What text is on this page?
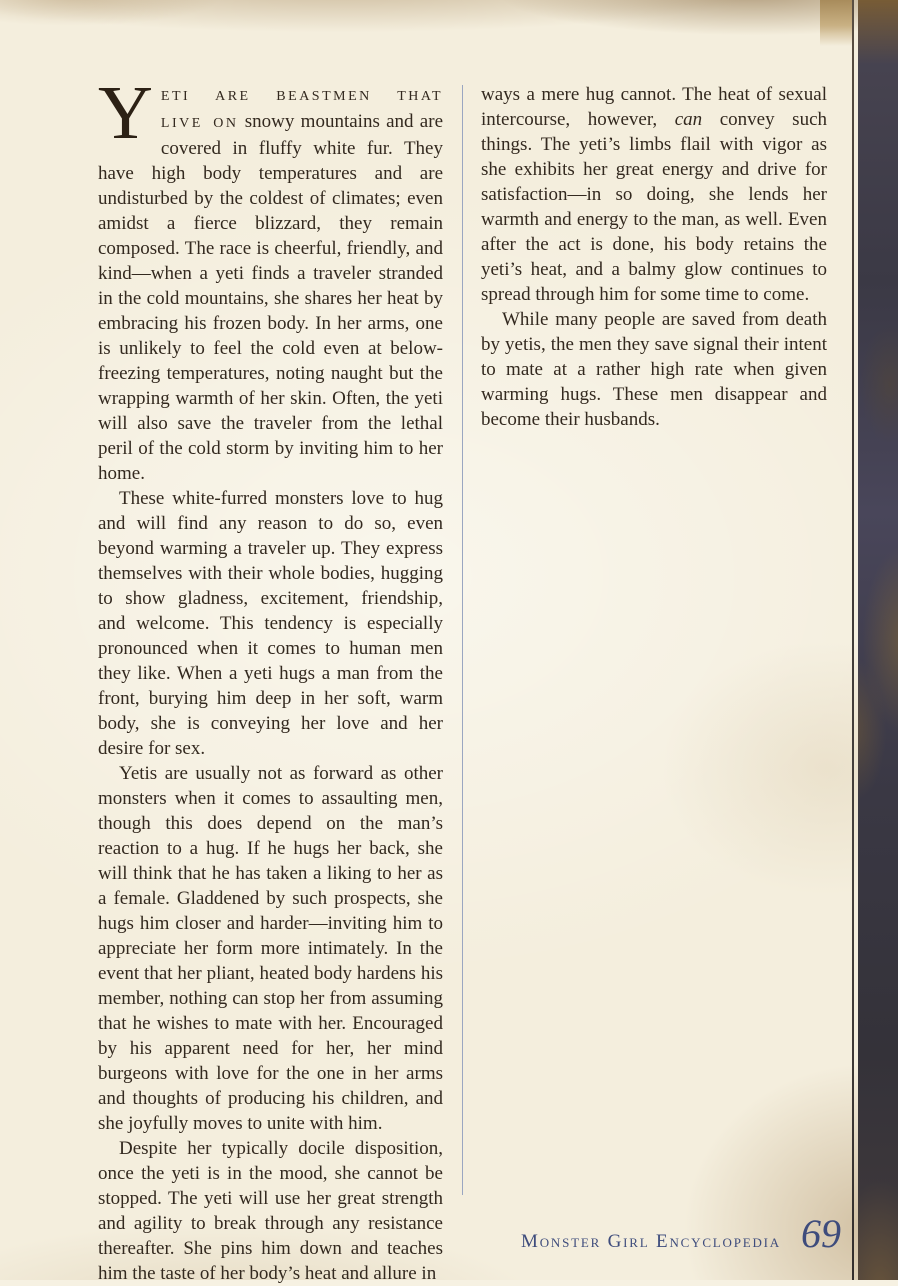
YETI ARE BEASTMEN THAT LIVE ON snowy mountains and are covered in fluffy white fur. They have high body temperatures and are undisturbed by the coldest of climates; even amidst a fierce blizzard, they remain composed. The race is cheerful, friendly, and kind—when a yeti finds a traveler stranded in the cold mountains, she shares her heat by embracing his frozen body. In her arms, one is unlikely to feel the cold even at below-freezing temperatures, noting naught but the wrapping warmth of her skin. Often, the yeti will also save the traveler from the lethal peril of the cold storm by inviting him to her home.

These white-furred monsters love to hug and will find any reason to do so, even beyond warming a traveler up. They express themselves with their whole bodies, hugging to show gladness, excitement, friendship, and welcome. This tendency is especially pronounced when it comes to human men they like. When a yeti hugs a man from the front, burying him deep in her soft, warm body, she is conveying her love and her desire for sex.

Yetis are usually not as forward as other monsters when it comes to assaulting men, though this does depend on the man’s reaction to a hug. If he hugs her back, she will think that he has taken a liking to her as a female. Gladdened by such prospects, she hugs him closer and harder—inviting him to appreciate her form more intimately. In the event that her pliant, heated body hardens his member, nothing can stop her from assuming that he wishes to mate with her. Encouraged by his apparent need for her, her mind burgeons with love for the one in her arms and thoughts of producing his children, and she joyfully moves to unite with him.

Despite her typically docile disposition, once the yeti is in the mood, she cannot be stopped. The yeti will use her great strength and agility to break through any resistance thereafter. She pins him down and teaches him the taste of her body’s heat and allure in

ways a mere hug cannot. The heat of sexual intercourse, however, can convey such things. The yeti’s limbs flail with vigor as she exhibits her great energy and drive for satisfaction—in so doing, she lends her warmth and energy to the man, as well. Even after the act is done, his body retains the yeti’s heat, and a balmy glow continues to spread through him for some time to come.

While many people are saved from death by yetis, the men they save signal their intent to mate at a rather high rate when given warming hugs. These men disappear and become their husbands.

Monster Girl Encyclopedia 69
